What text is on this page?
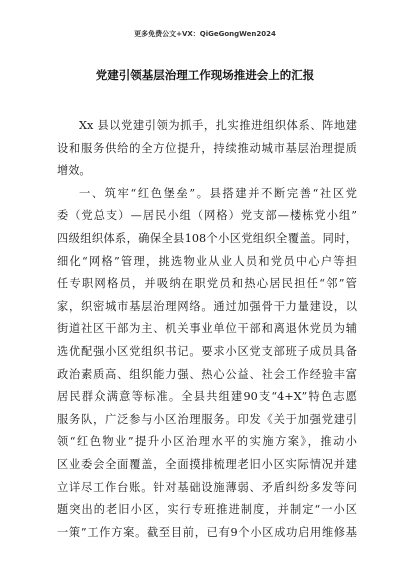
更多免费公文+VX：QiGeGongWen2024
党建引领基层治理工作现场推进会上的汇报
Xx 县以党建引领为抓手，扎实推进组织体系、阵地建
设和服务供给的全方位提升，持续推动城市基层治理提质
增效。
一、筑牢“红色堡垒”。县搭建并不断完善“社区党
委（党总支）—居民小组（网格）党支部—楼栋党小组”
四级组织体系，确保全县108个小区党组织全覆盖。同时，
细化“网格”管理，挑选物业从业人员和党员中心户等担
任专职网格员，并吸纳在职党员和热心居民担任“邻”管
家，织密城市基层治理网络。通过加强骨干力量建设，以
街道社区干部为主、机关事业单位干部和离退休党员为辅
选优配强小区党组织书记。要求小区党支部班子成员具备
政治素质高、组织能力强、热心公益、社会工作经验丰富
居民群众满意等标准。全县共组建90支“4+X”特色志愿
服务队，广泛参与小区治理服务。印发《关于加强党建引
领“红色物业”提升小区治理水平的实施方案》，推动小
区业委会全面覆盖，全面摸排梳理老旧小区实际情况并建
立详尽工作台账。针对基础设施薄弱、矛盾纠纷多发等问
题突出的老旧小区，实行专班推进制度，并制定“一小区
一策”工作方案。截至目前，已有9个小区成功启用维修基
